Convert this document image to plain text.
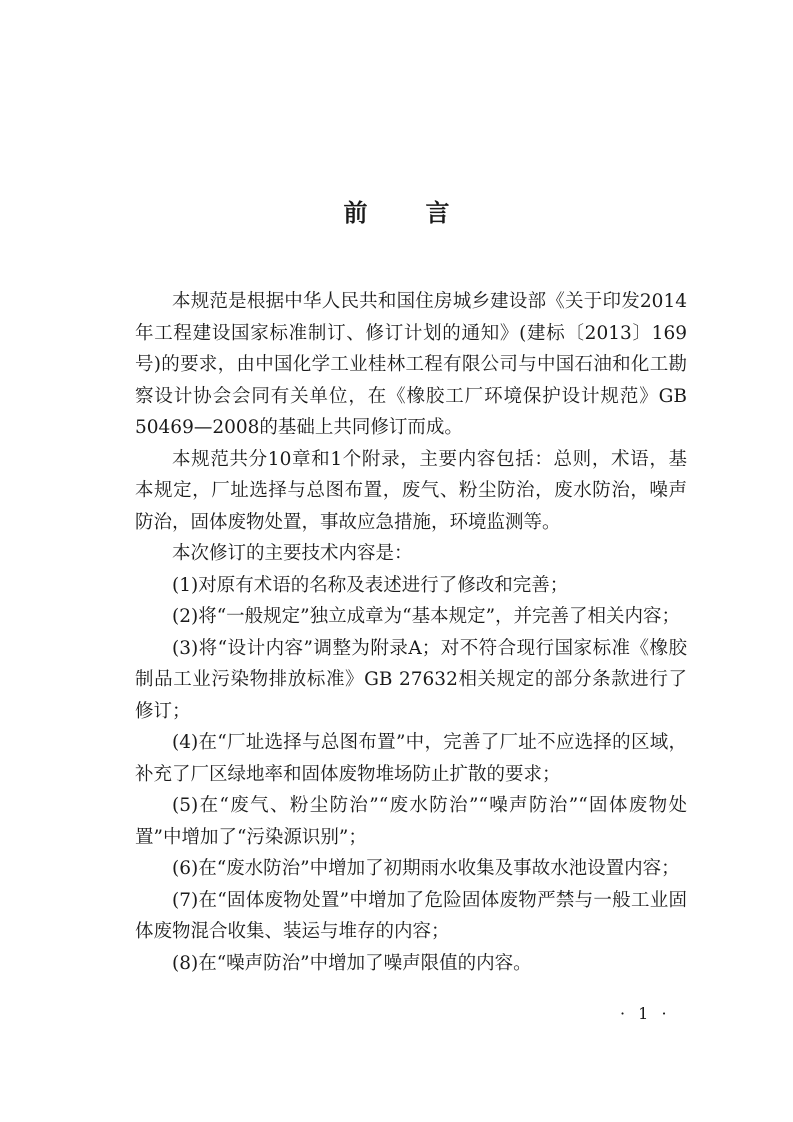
前言

本规范是根据中华人民共和国住房城乡建设部《关于印发2014年工程建设国家标准制订、修订计划的通知》(建标〔2013〕169号)的要求，由中国化学工业桂林工程有限公司与中国石油和化工勘察设计协会会同有关单位，在《橡胶工厂环境保护设计规范》GB 50469—2008的基础上共同修订而成。

本规范共分10章和1个附录，主要内容包括：总则，术语，基本规定，厂址选择与总图布置，废气、粉尘防治，废水防治，噪声防治，固体废物处置，事故应急措施，环境监测等。

本次修订的主要技术内容是：

(1)对原有术语的名称及表述进行了修改和完善；

(2)将“一般规定”独立成章为“基本规定”，并完善了相关内容；

(3)将“设计内容”调整为附录A；对不符合现行国家标准《橡胶制品工业污染物排放标准》GB 27632相关规定的部分条款进行了修订；

(4)在“厂址选择与总图布置”中，完善了厂址不应选择的区域，补充了厂区绿地率和固体废物堆场防止扩散的要求；

(5)在“废气、粉尘防治”“废水防治”“噪声防治”“固体废物处置”中增加了“污染源识别”；

(6)在“废水防治”中增加了初期雨水收集及事故水池设置内容；

(7)在“固体废物处置”中增加了危险固体废物严禁与一般工业固体废物混合收集、装运与堆存的内容；

(8)在“噪声防治”中增加了噪声限值的内容。

· 1 ·
